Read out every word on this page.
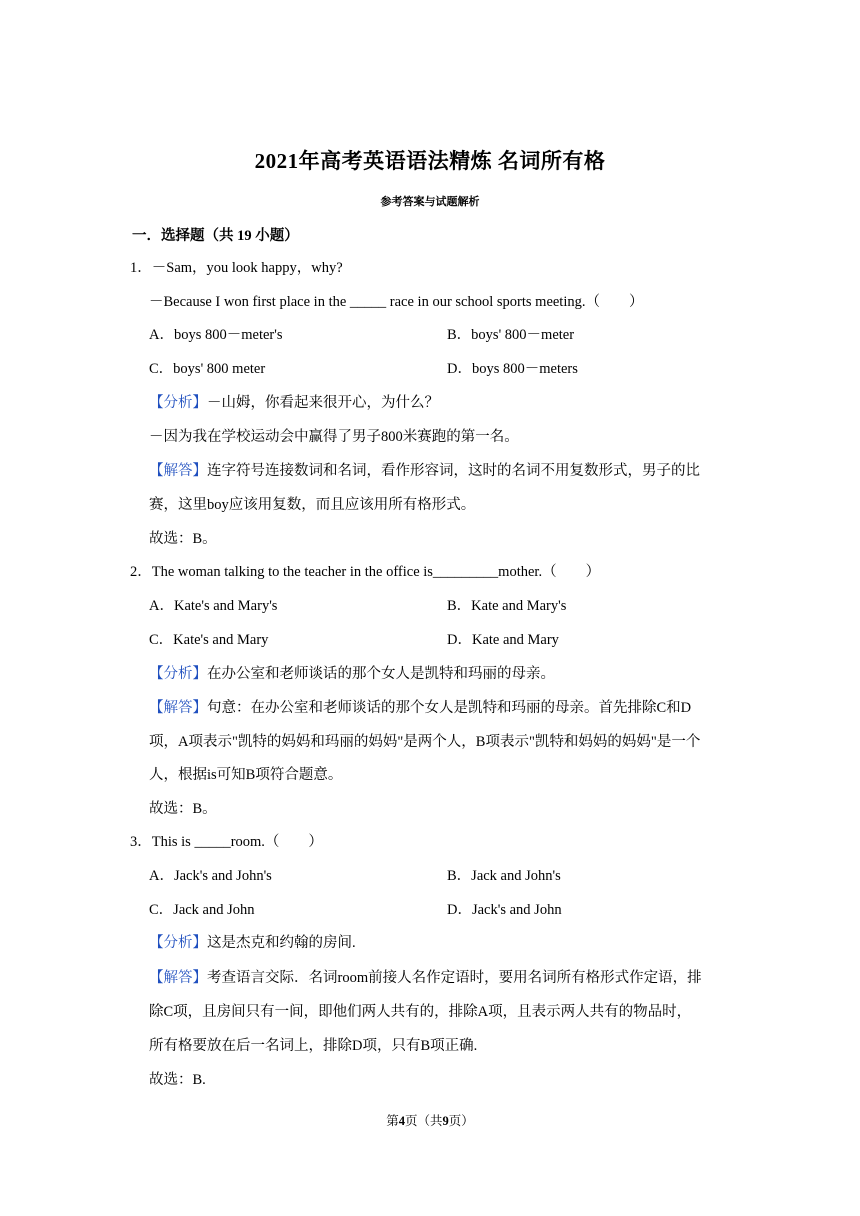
2021年高考英语语法精炼 名词所有格
参考答案与试题解析
一．选择题（共 19 小题）
1．－Sam，you look happy，why?
－Because I won first place in the _____ race in our school sports meeting.（　　）
A．boys 800－meter's	B．boys' 800－meter
C．boys' 800 meter	D．boys 800－meters
【分析】－山姆，你看起来很开心，为什么？
－因为我在学校运动会中赢得了男子800米赛跑的第一名。
【解答】连字符号连接数词和名词，看作形容词，这时的名词不用复数形式，男子的比
赛，这里boy应该用复数，而且应该用所有格形式。
故选：B。
2．The woman talking to the teacher in the office is_________mother.（　　）
A．Kate's and Mary's	B．Kate and Mary's
C．Kate's and Mary	D．Kate and Mary
【分析】在办公室和老师谈话的那个女人是凯特和玛丽的母亲。
【解答】句意：在办公室和老师谈话的那个女人是凯特和玛丽的母亲。首先排除C和D
项，A项表示"凯特的妈妈和玛丽的妈妈"是两个人，B项表示"凯特和妈妈的妈妈"是一个
人，根据is可知B项符合题意。
故选：B。
3．This is _____room.（　　）
A．Jack's and John's	B．Jack and John's
C．Jack and John	D．Jack's and John
【分析】这是杰克和约翰的房间.
【解答】考查语言交际．名词room前接人名作定语时，要用名词所有格形式作定语，排
除C项，且房间只有一间，即他们两人共有的，排除A项，且表示两人共有的物品时，
所有格要放在后一名词上，排除D项，只有B项正确.
故选：B.
第4页（共9页）
